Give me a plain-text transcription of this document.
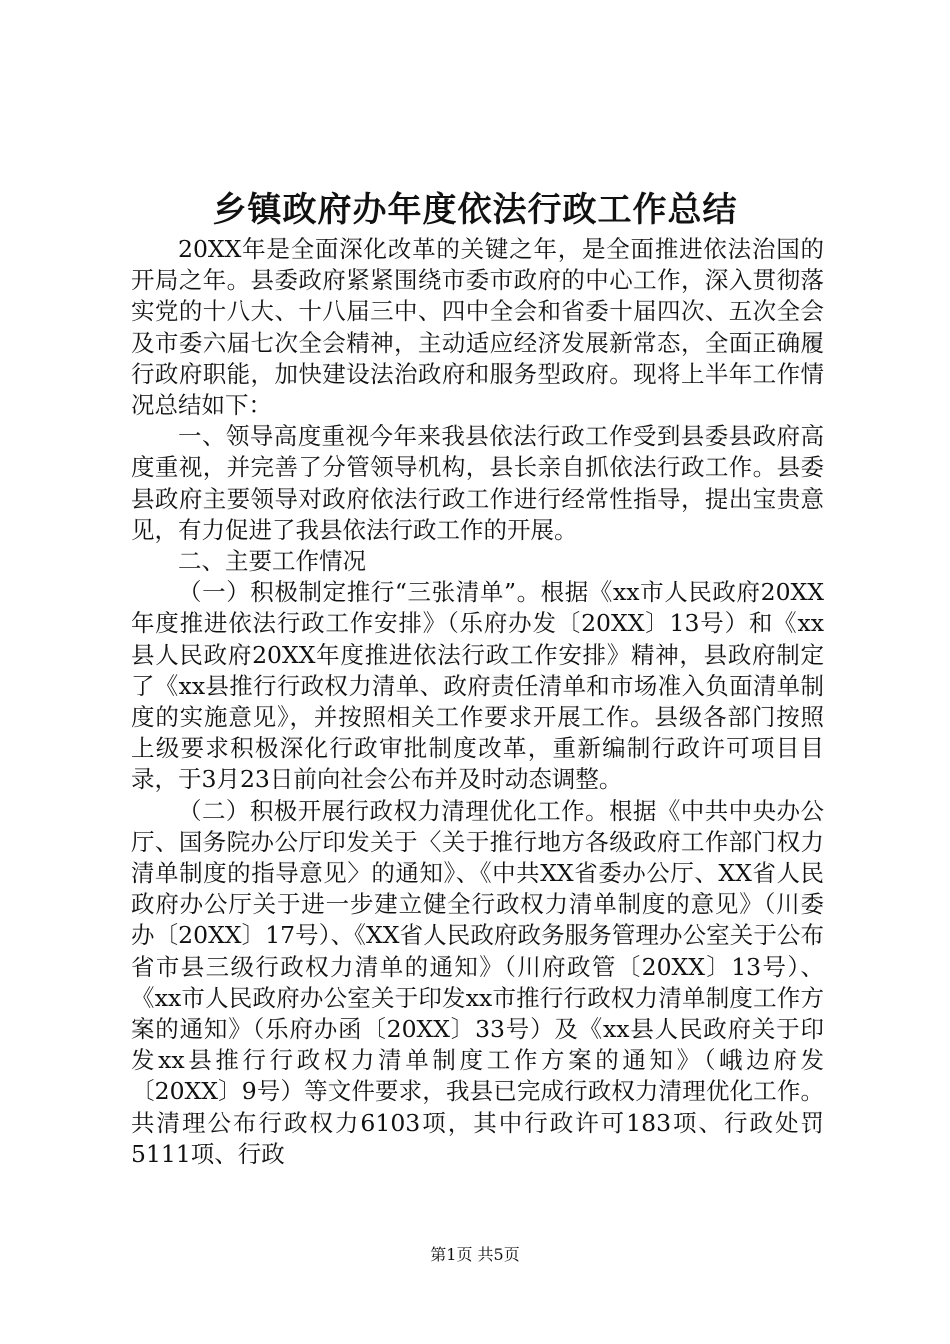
乡镇政府办年度依法行政工作总结

20XX年是全面深化改革的关键之年，是全面推进依法治国的开局之年。县委政府紧紧围绕市委市政府的中心工作，深入贯彻落实党的十八大、十八届三中、四中全会和省委十届四次、五次全会及市委六届七次全会精神，主动适应经济发展新常态，全面正确履行政府职能，加快建设法治政府和服务型政府。现将上半年工作情况总结如下：

一、领导高度重视今年来我县依法行政工作受到县委县政府高度重视，并完善了分管领导机构，县长亲自抓依法行政工作。县委县政府主要领导对政府依法行政工作进行经常性指导，提出宝贵意见，有力促进了我县依法行政工作的开展。

二、主要工作情况

（一）积极制定推行“三张清单”。根据《xx市人民政府20XX年度推进依法行政工作安排》（乐府办发〔20XX〕13号）和《xx县人民政府20XX年度推进依法行政工作安排》精神，县政府制定了《xx县推行行政权力清单、政府责任清单和市场准入负面清单制度的实施意见》，并按照相关工作要求开展工作。县级各部门按照上级要求积极深化行政审批制度改革，重新编制行政许可项目目录，于3月23日前向社会公布并及时动态调整。

（二）积极开展行政权力清理优化工作。根据《中共中央办公厅、国务院办公厅印发关于〈关于推行地方各级政府工作部门权力清单制度的指导意见〉的通知》、《中共XX省委办公厅、XX省人民政府办公厅关于进一步建立健全行政权力清单制度的意见》（川委办〔20XX〕17号）、《XX省人民政府政务服务管理办公室关于公布省市县三级行政权力清单的通知》（川府政管〔20XX〕13号）、《xx市人民政府办公室关于印发xx市推行行政权力清单制度工作方案的通知》（乐府办函〔20XX〕33号）及《xx县人民政府关于印发xx县推行行政权力清单制度工作方案的通知》（峨边府发〔20XX〕9号）等文件要求，我县已完成行政权力清理优化工作。共清理公布行政权力6103项，其中行政许可183项、行政处罚5111项、行政

第1页 共5页
